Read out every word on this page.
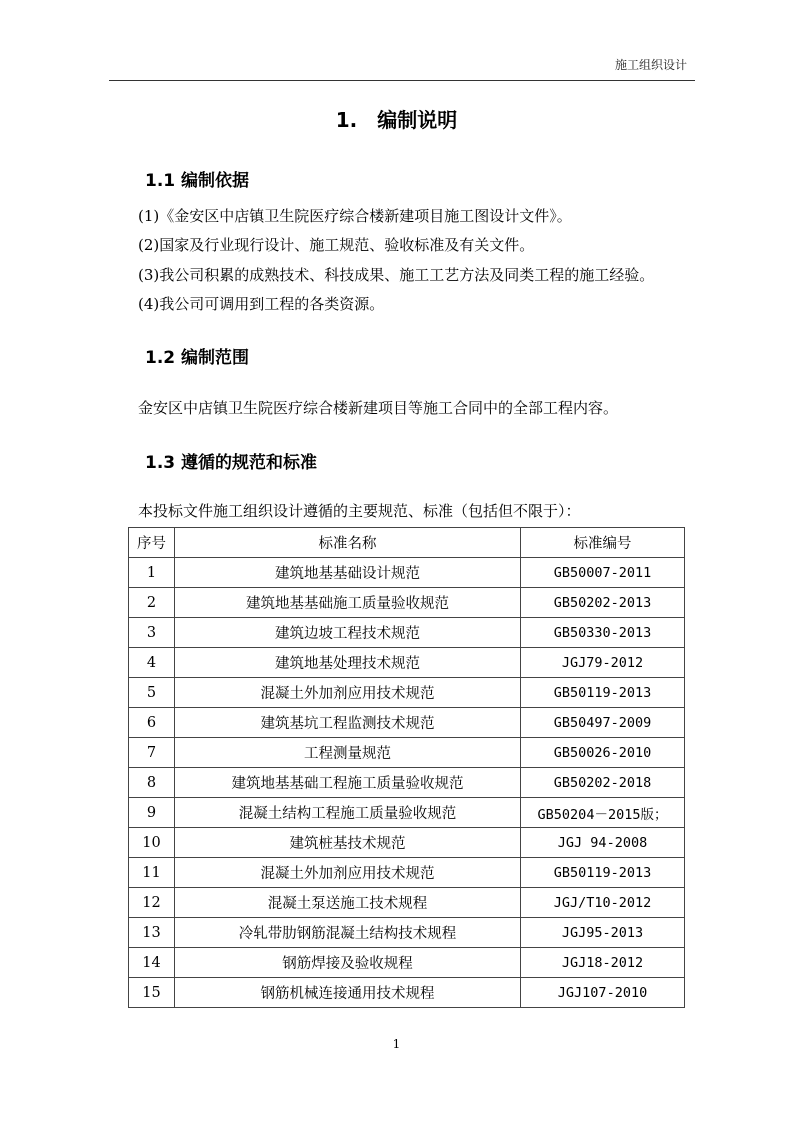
施工组织设计
1.　编制说明
1.1 编制依据
(1)《金安区中店镇卫生院医疗综合楼新建项目施工图设计文件》。
(2)国家及行业现行设计、施工规范、验收标准及有关文件。
(3)我公司积累的成熟技术、科技成果、施工工艺方法及同类工程的施工经验。
(4)我公司可调用到工程的各类资源。
1.2 编制范围
金安区中店镇卫生院医疗综合楼新建项目等施工合同中的全部工程内容。
1.3 遵循的规范和标准
本投标文件施工组织设计遵循的主要规范、标准（包括但不限于）：
序号	标准名称	标准编号
1	建筑地基基础设计规范	GB50007-2011
2	建筑地基基础施工质量验收规范	GB50202-2013
3	建筑边坡工程技术规范	GB50330-2013
4	建筑地基处理技术规范	JGJ79-2012
5	混凝土外加剂应用技术规范	GB50119-2013
6	建筑基坑工程监测技术规范	GB50497-2009
7	工程测量规范	GB50026-2010
8	建筑地基基础工程施工质量验收规范	GB50202-2018
9	混凝土结构工程施工质量验收规范	GB50204－2015版；
10	建筑桩基技术规范	JGJ 94-2008
11	混凝土外加剂应用技术规范	GB50119-2013
12	混凝土泵送施工技术规程	JGJ/T10-2012
13	冷轧带肋钢筋混凝土结构技术规程	JGJ95-2013
14	钢筋焊接及验收规程	JGJ18-2012
15	钢筋机械连接通用技术规程	JGJ107-2010
1
